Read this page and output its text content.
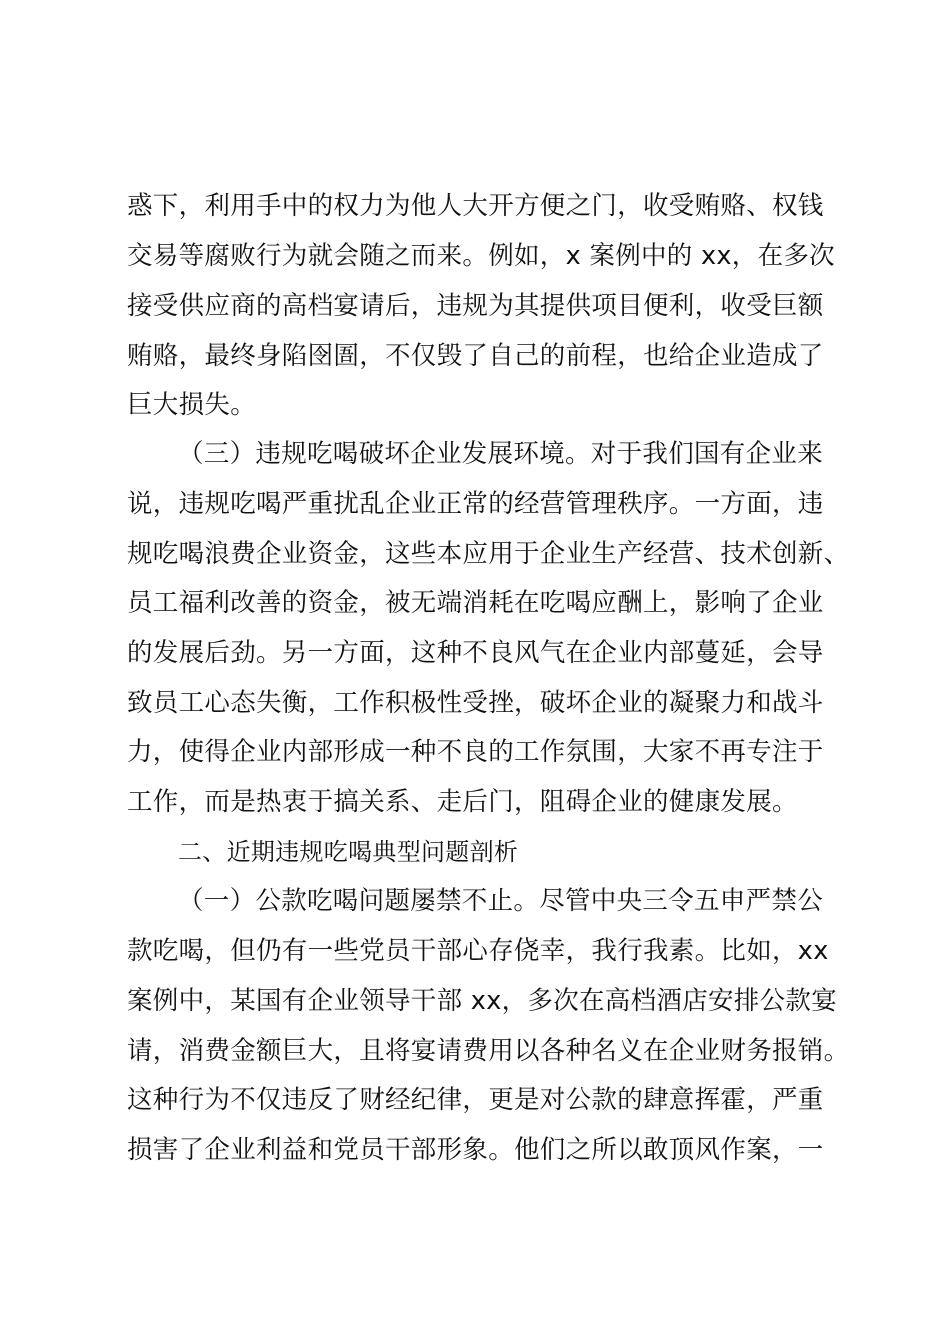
惑下，利用手中的权力为他人大开方便之门，收受贿赂、权钱
交易等腐败行为就会随之而来。例如，x 案例中的 xx，在多次
接受供应商的高档宴请后，违规为其提供项目便利，收受巨额
贿赂，最终身陷囹圄，不仅毁了自己的前程，也给企业造成了
巨大损失。
（三）违规吃喝破坏企业发展环境。对于我们国有企业来
说，违规吃喝严重扰乱企业正常的经营管理秩序。一方面，违
规吃喝浪费企业资金，这些本应用于企业生产经营、技术创新、
员工福利改善的资金，被无端消耗在吃喝应酬上，影响了企业
的发展后劲。另一方面，这种不良风气在企业内部蔓延，会导
致员工心态失衡，工作积极性受挫，破坏企业的凝聚力和战斗
力，使得企业内部形成一种不良的工作氛围，大家不再专注于
工作，而是热衷于搞关系、走后门，阻碍企业的健康发展。
二、近期违规吃喝典型问题剖析
（一）公款吃喝问题屡禁不止。尽管中央三令五申严禁公
款吃喝，但仍有一些党员干部心存侥幸，我行我素。比如，xx
案例中，某国有企业领导干部 xx，多次在高档酒店安排公款宴
请，消费金额巨大，且将宴请费用以各种名义在企业财务报销。
这种行为不仅违反了财经纪律，更是对公款的肆意挥霍，严重
损害了企业利益和党员干部形象。他们之所以敢顶风作案，一
